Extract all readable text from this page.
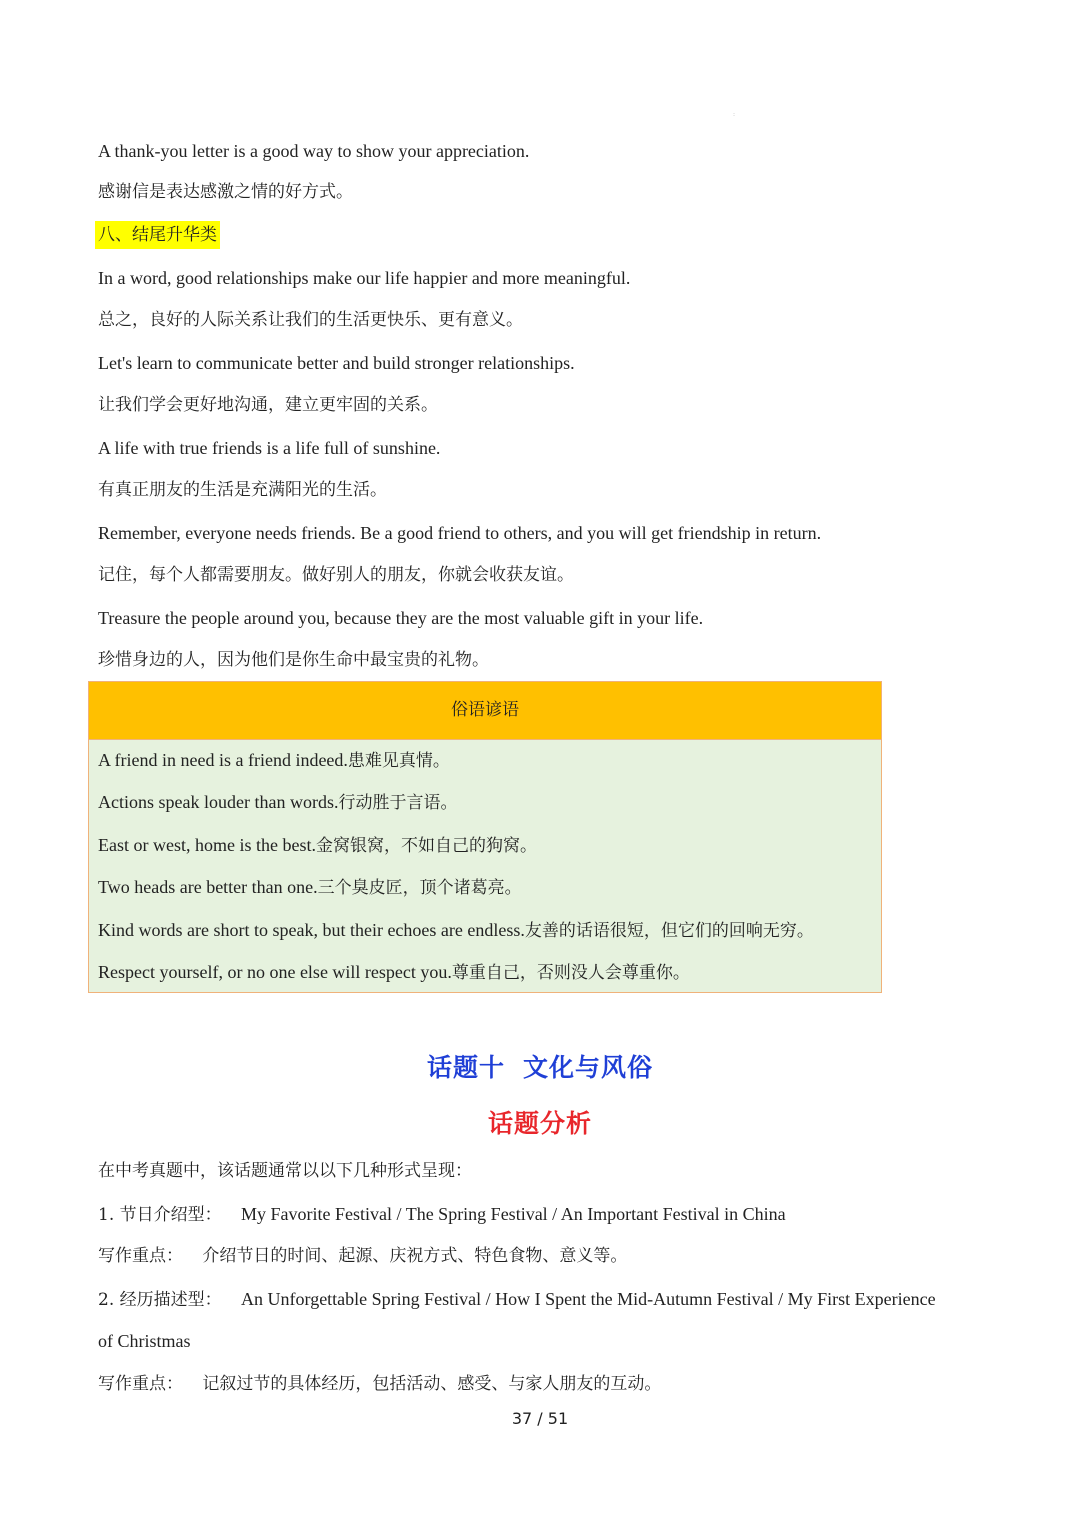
:
A thank-you letter is a good way to show your appreciation.
感谢信是表达感激之情的好方式。
八、结尾升华类
In a word, good relationships make our life happier and more meaningful.
总之，良好的人际关系让我们的生活更快乐、更有意义。
Let's learn to communicate better and build stronger relationships.
让我们学会更好地沟通，建立更牢固的关系。
A life with true friends is a life full of sunshine.
有真正朋友的生活是充满阳光的生活。
Remember, everyone needs friends. Be a good friend to others, and you will get friendship in return.
记住，每个人都需要朋友。做好别人的朋友，你就会收获友谊。
Treasure the people around you, because they are the most valuable gift in your life.
珍惜身边的人，因为他们是你生命中最宝贵的礼物。
俗语谚语
A friend in need is a friend indeed.患难见真情。
Actions speak louder than words.行动胜于言语。
East or west, home is the best.金窝银窝，不如自己的狗窝。
Two heads are better than one.三个臭皮匠，顶个诸葛亮。
Kind words are short to speak, but their echoes are endless.友善的话语很短，但它们的回响无穷。
Respect yourself, or no one else will respect you.尊重自己，否则没人会尊重你。
话题十 文化与风俗
话题分析
在中考真题中，该话题通常以以下几种形式呈现：
1. 节日介绍型： My Favorite Festival / The Spring Festival / An Important Festival in China
写作重点： 介绍节日的时间、起源、庆祝方式、特色食物、意义等。
2. 经历描述型： An Unforgettable Spring Festival / How I Spent the Mid-Autumn Festival / My First Experience
of Christmas
写作重点： 记叙过节的具体经历，包括活动、感受、与家人朋友的互动。
37 / 51
